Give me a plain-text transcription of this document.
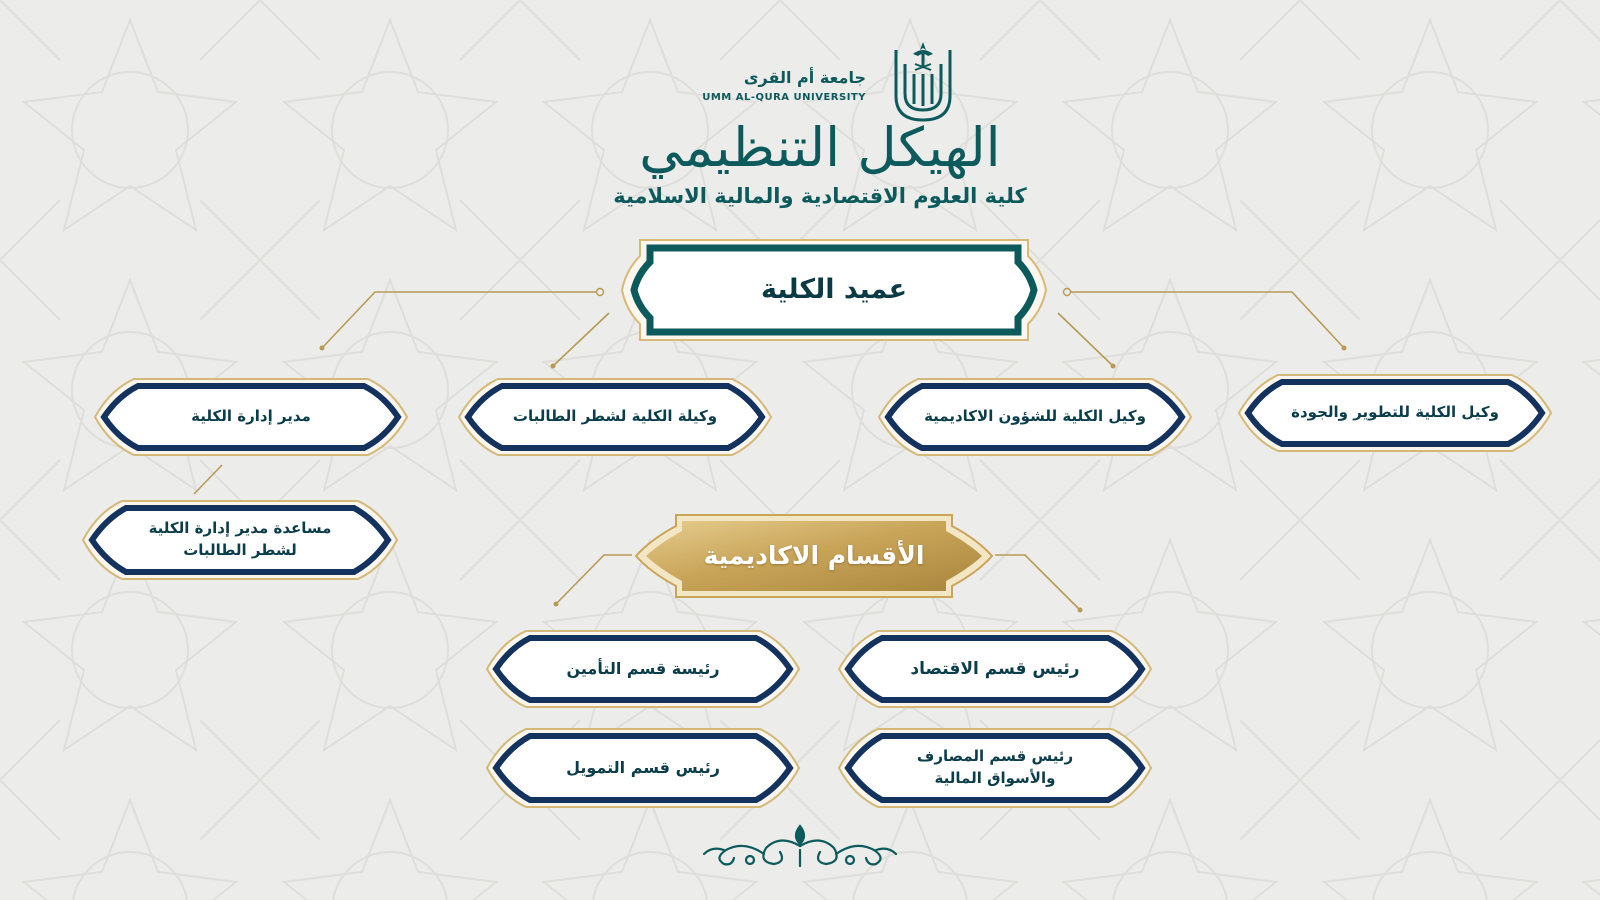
جامعة أم القرى
UMM AL-QURA UNIVERSITY
الهيكل التنظيمي
كلية العلوم الاقتصادية والمالية الاسلامية
عميد الكلية
وكيل الكلية للتطوير والجودة
وكيل الكلية للشؤون الاكاديمية
وكيلة الكلية لشطر الطالبات
مدير إدارة الكلية
مساعدة مدير إدارة الكلية لشطر الطالبات	الأقسام الاكاديمية
رئيس قسم الاقتصاد
رئيسة قسم التأمين
رئيس قسم المصارف والأسواق المالية
رئيس قسم التمويل
